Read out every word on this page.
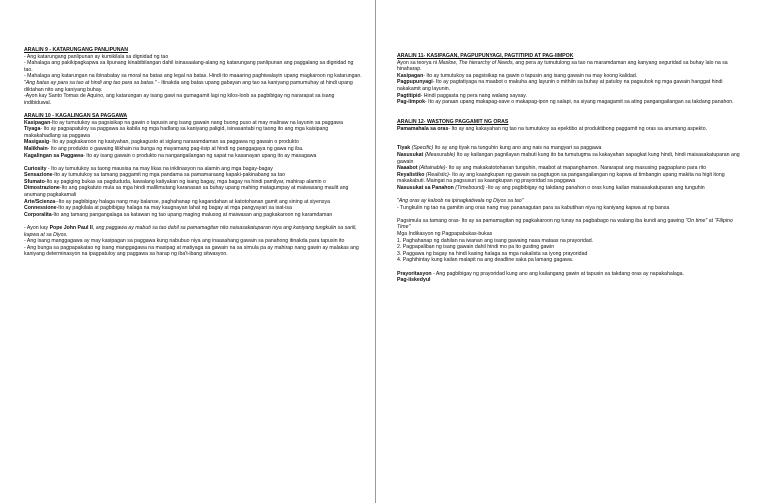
ARALIN 9 - KATARUNGANG PANLIPUNAN

- Ang katarungang panlipunan ay kumikilala sa dignidad ng tao

- Mahalaga ang pakikipagkapwa sa lipunang kinabibilangan dahil isinasaalang-alang ng katarungang panlipunan ang paggalang sa dignidad ng tao.

- Mahalaga ang katarungan na ibinabatay sa moral na batas ang legal na batas. Hindi ito maaaring paghiwalayin upang magkaroon ng katarungan.

"Ang batas ay para sa tao at hindi ang tao para sa batas." - Itinakda ang batas upang gabayan ang tao sa kaniyang pamumuhay at hindi upang diktahan nito ang kaniyang buhay.

-Ayon kay Santo Tomas de Aquino, ang katarungan ay isang gawi na gumagamit lagi ng kilos-loob sa pagbibigay ng nararapat sa isang indibiduwal.

ARALIN 10 - KAGALINGAN SA PAGGAWA

Kasipagan-Ito ay tumutukoy sa pagsisikap na gawin o tapusin ang isang gawain nang buong puso at may malinaw na layunin sa paggawa

Tiyaga- Ito ay pagpapatuloy sa paggawa sa kabila ng mga hadlang sa kaniyang paligid, isinasantabi ng taong ito ang mga kaisipang makakahadlang sa paggawa

Masigasig- Ito ay pagkakaroon ng kasiyahan, pagkagusto at siglang nararamdaman sa paggawa ng gawain o produkto

Malikhain- Ito ang produkto o gawaing lilikhain na bunga ng mayamang pag-iisip at hindi ng panggagaya ng gawa ng iba.

Kagalingan sa Paggawa- Ito ay isang gawain o produkto na nangangailangan ng sapat na kasanayan upang ito ay masagawa

Curiosity - Ito ay tumutukoy sa taong mausisa na may likas na inklinasyon na alamin ang mga bagay-bagay

Sensazione-Ito ay tumutukoy sa tamang paggamit ng mga pandama sa pamamaraang kapaki-pakinabang sa tao

Sfumato-Ito ay pagiging bukas sa pagdududa, kawalang katiyakan ng isang bagay, mga bagay na hindi pamilyar, mahirap alamin o

Dimostrazione-Ito ang pagkatuto mula sa mga hindi malilimutang karanasan sa buhay upang mahing matagumpay at maiwasang maulit ang anumang pagkakamali

Arte/Scienza--Ito ay pagbibigay halaga nang may balanse, paghahanap ng kagandahan at katotohanan gamit ang sining at siyensya

Connessione-Ito ay pagkilala at pagbibigay halaga na may kaugnayan lahat ng bagay at mga pangyayari sa isat-isa

Corporalita-Ito ang tamang pangangalaga sa katawan ng tao upang maging malusog at maiwasan ang pagkakaroon ng karamdaman

- Ayon kay Pope John Paul II, ang paggawa ay mabuti sa tao dahil sa pamamagitan nito naisasakatuparan niya ang kaniyang tungkulin sa sarili, kapwa at sa Diyos.

- Ang isang manggagawa ay may kasipagan sa paggawa kung nabubuo niya ang inaasahang gawain sa panahong itinakda para tapusin ito

- Ang bunga sa pagpapakatao ng isang manggagawa na masipag at matiyaga sa gawain na sa simula pa ay mahirap nang gawin ay malakas ang kaniyang determinasyon na ipagpatuloy ang paggawa sa harap ng iba't-ibang sitwasyon.

ARALIN 11- KASIPAGAN, PAGPUPUNYAGI, PAGTITIPID AT PAG-IIMPOK

Ayon sa teorya ni Maslow, The hierarchy of Needs, ang pera ay tumutulong sa tao na maramdaman ang kanyang seguridad sa buhay lalo na sa hinaharap.

Kasipagan- Ito ay tumutukoy sa pagsisikap na gawin o tapusin ang isang gawain na may koong kalidad.

Pagpupunyagi- Ito ay pagtatiyaga na maabot o makuha ang layunin o mithiin sa buhay at patuloy na pagsubok ng mga gawain hanggat hindi nakakamit ang layunin.

Pagtitipid- Hindi paggasta ng pera nang walang saysay.

Pag-iimpok- Ito ay paraan upang makapag-save o makapag-ipon ng salapi, na siyang magagamit sa ating pangangailangan sa takdang panahon.

ARALIN 12- WASTONG PAGGAMIT NG ORAS

Pamamahala sa oras- Ito ay ang kakayahan ng tao na tumutukoy sa epektibo at produktibong paggamit ng oras sa anumang aspekto.

Tiyak (Specific) Ito ay ang tiyak na tunguhin kung ano ang nais na mangyari sa paggawa

Nasusukat (Measurable) Ito ay kailangan pagnilayan mabuti kung ito ba tumutugma sa kakayahan sapagkat kung hindi, hindi maisasakatuparan ang gawain

Naaabot (Attainable)- Ito ay ang makakatotohanan tunguhin, maabot at mapanghamon. Nararapat ang masusing pagpaplano para rito

Reyalistiko (Realistic)- Ito ay ang kaangkupan ng gawain sa pagtugon sa pangangailangan ng kapwa at timbangin upang makita na higit itong makakabuti. Maingat na pagsusuri sa kaangkupan ng prayoridad sa paggawa

Nasusukat sa Panahon (Timebound) -Ito ay ang pagbibigay ng takdang panahon o oras kung kailan maisasakatuparan ang tunguhin

"Ang oras ay kaloob na ipinagkatiwala ng Diyos sa tao"

- Tungkulin ng tao na gamitin ang oras nang may pananagutan para sa kabutihan niya ng kaniyang kapwa at ng bansa

Pagsimula sa tamang oras- Ito ay sa pamamagitan ng pagkakaroon ng tunay na pagbabago na walang iba kundi ang gawing "On time" at "Filipino Time"

Mga Indikasyon ng Pagpapabukas-bukas

1. Paghahanap ng dahilan na iwanan ang isang gawaing nasa mataas na prayoridad.

2. Pagpapaliban ng isang gawain dahil hindi mo pa ito gusting gawin

3. Paggawa ng bagay na hindi kasing halaga sa mga nakalista sa iyong prayoridad

4. Paghihintay kung kailan malapit na ang deadline saka pa lamang gagawa.

Prayoritasyon - Ang pagbibigay ng prayoridad kung ano ang kailangang gawin at tapusin sa takdang oras ay napakahalaga.

Pag-iiskedyul
